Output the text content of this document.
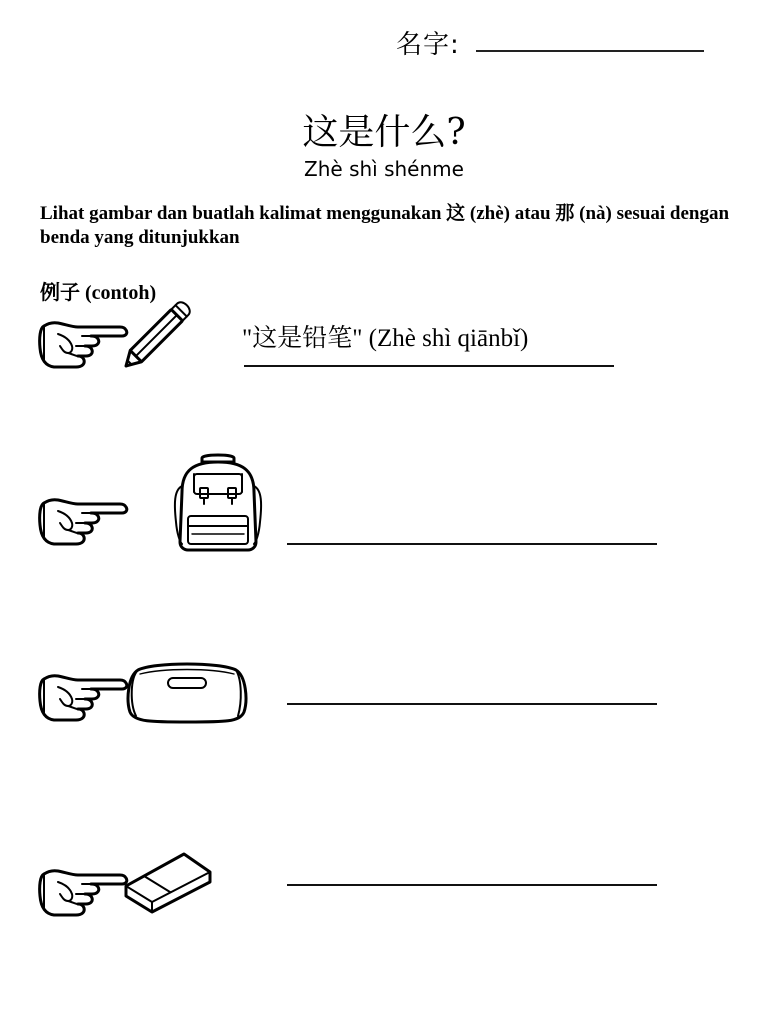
名字:
这是什么?
Zhè shì shénme
Lihat gambar dan buatlah kalimat menggunakan 这 (zhè) atau 那 (nà) sesuai dengan benda yang ditunjukkan
例子 (contoh)
"这是铅笔" (Zhè shì qiānbǐ)
